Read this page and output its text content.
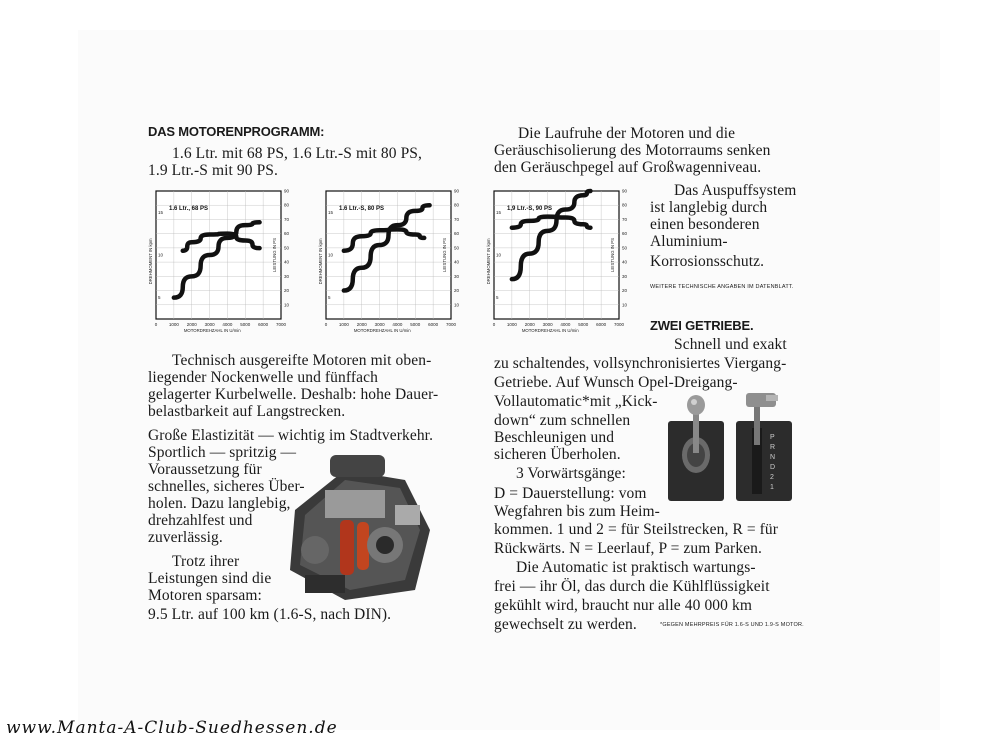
DAS MOTORENPROGRAMM:
1.6 Ltr. mit 68 PS, 1.6 Ltr.-S mit 80 PS,
1.9 Ltr.-S mit 90 PS.
1.6 Ltr., 68 PS
0	1000 2000 3000 4000 5000 6000 7000
MOTORDREHZAHL IN U/min
10
20
30
40
50
60
70
80
90
5
10
15
DREHMOMENT IN kpm	LEISTUNG IN PS
1.6 Ltr.-S, 80 PS
0	1000 2000 3000 4000 5000 6000 7000
MOTORDREHZAHL IN U/min
10
20
30
40
50
60
70
80
90
5
10
15
DREHMOMENT IN kpm	LEISTUNG IN PS
1,9 Ltr.-S, 90 PS
0	1000 2000 3000 4000 5000 6000 7000
MOTORDREHZAHL IN U/min
10
20
30
40
50
60
70
80
90
5
10
15
DREHMOMENT IN kpm	LEISTUNG IN PS
Technisch ausgereifte Motoren mit oben-
liegender Nockenwelle und fünffach
gelagerter Kurbelwelle. Deshalb: hohe Dauer-
belastbarkeit auf Langstrecken.
Große Elastizität — wichtig im Stadtverkehr.
Sportlich — spritzig —
Voraussetzung für
schnelles, sicheres Über-
holen. Dazu langlebig,
drehzahlfest und
zuverlässig.
Trotz ihrer
Leistungen sind die
Motoren sparsam:
9.5 Ltr. auf 100 km (1.6-S, nach DIN).
Die Laufruhe der Motoren und die
Geräuschisolierung des Motorraums senken
den Geräuschpegel auf Großwagenniveau.
Das Auspuffsystem
ist langlebig durch
einen besonderen
Aluminium-
Korrosionsschutz.
WEITERE TECHNISCHE ANGABEN IM DATENBLATT.
ZWEI GETRIEBE.
Schnell und exakt
zu schaltendes, vollsynchronisiertes Viergang-
Getriebe. Auf Wunsch Opel-Dreigang-
Vollautomatic*mit „Kick-
down“ zum schnellen
Beschleunigen und
sicheren Überholen.
3 Vorwärtsgänge:
D = Dauerstellung: vom
Wegfahren bis zum Heim-
kommen. 1 und 2 = für Steilstrecken, R = für
Rückwärts. N = Leerlauf, P = zum Parken.
Die Automatic ist praktisch wartungs-
frei — ihr Öl, das durch die Kühlflüssigkeit
gekühlt wird, braucht nur alle 40 000 km
gewechselt zu werden.	*GEGEN MEHRPREIS FÜR 1.6-S UND 1.9-S MOTOR.
P
R
N
D
2
1
www.Manta-A-Club-Suedhessen.de
